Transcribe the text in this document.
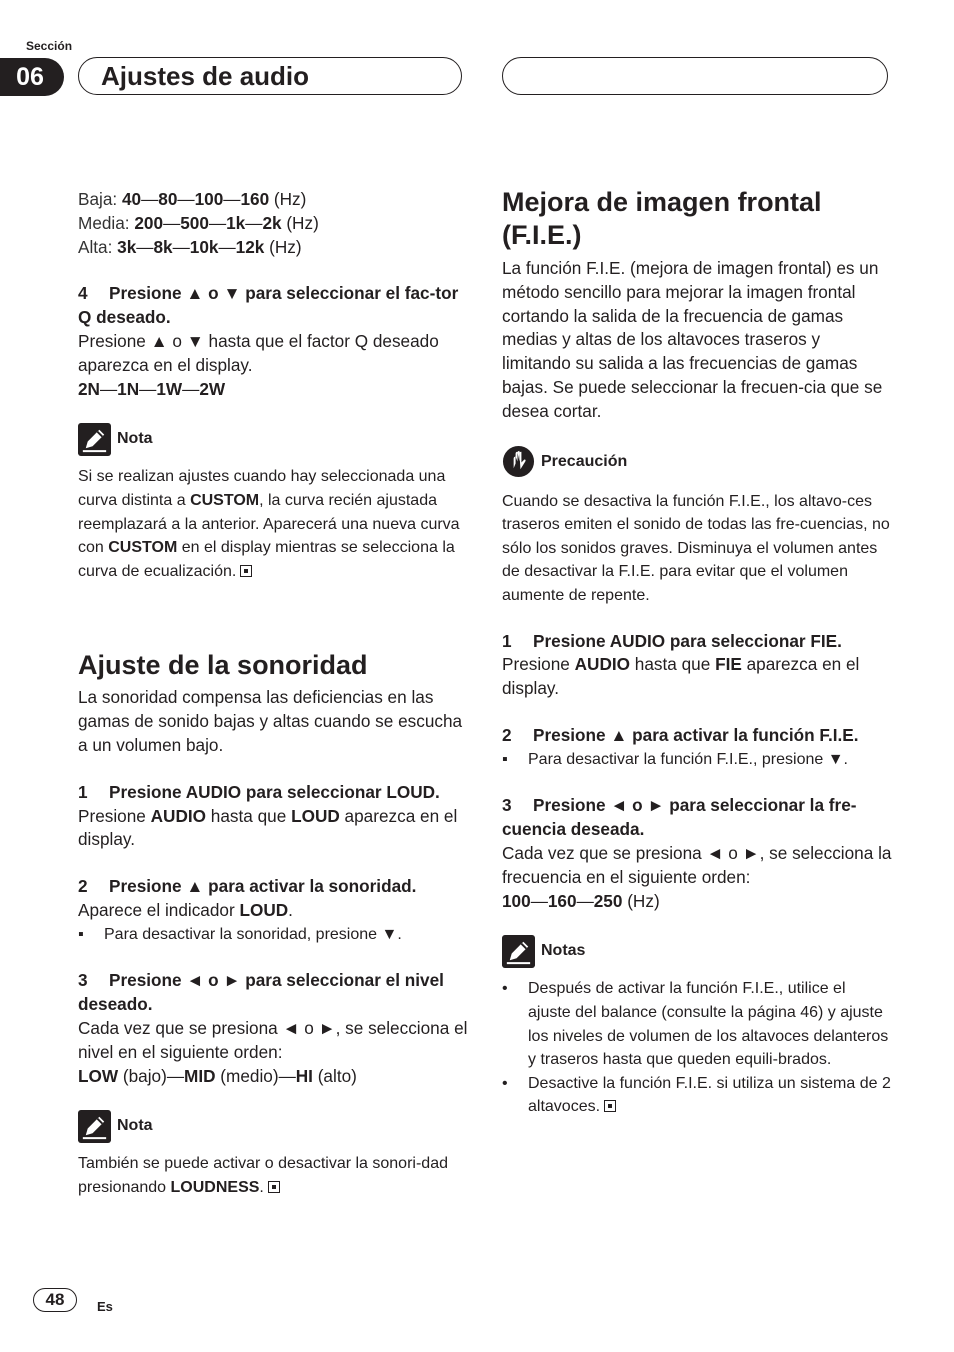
Sección
06	Ajustes de audio

Baja: 40—80—100—160 (Hz)

Media: 200—500—1k—2k (Hz)

Alta: 3k—8k—10k—12k (Hz)

4 Presione ▲ o ▼ para seleccionar el fac-tor Q deseado.

Presione ▲ o ▼ hasta que el factor Q deseado aparezca en el display.

2N—1N—1W—2W

Nota

Si se realizan ajustes cuando hay seleccionada una curva distinta a CUSTOM, la curva recién ajustada reemplazará a la anterior. Aparecerá una nueva curva con CUSTOM en el display mientras se selecciona la curva de ecualización.

Ajuste de la sonoridad

La sonoridad compensa las deficiencias en las gamas de sonido bajas y altas cuando se escucha a un volumen bajo.

1 Presione AUDIO para seleccionar LOUD.

Presione AUDIO hasta que LOUD aparezca en el display.

2 Presione ▲ para activar la sonoridad.

Aparece el indicador LOUD.

▪	Para desactivar la sonoridad, presione ▼.

3 Presione ◄ o ► para seleccionar el nivel deseado.

Cada vez que se presiona ◄ o ►, se selecciona el nivel en el siguiente orden:

LOW (bajo)—MID (medio)—HI (alto)

Nota

También se puede activar o desactivar la sonori-dad presionando LOUDNESS.

Mejora de imagen frontal (F.I.E.)

La función F.I.E. (mejora de imagen frontal) es un método sencillo para mejorar la imagen frontal cortando la salida de la frecuencia de gamas medias y altas de los altavoces traseros y limitando su salida a las frecuencias de gamas bajas. Se puede seleccionar la frecuen-cia que se desea cortar.

Precaución

Cuando se desactiva la función F.I.E., los altavo-ces traseros emiten el sonido de todas las fre-cuencias, no sólo los sonidos graves. Disminuya el volumen antes de desactivar la F.I.E. para evitar que el volumen aumente de repente.

1 Presione AUDIO para seleccionar FIE.

Presione AUDIO hasta que FIE aparezca en el display.

2 Presione ▲ para activar la función F.I.E.

▪	Para desactivar la función F.I.E., presione ▼.

3 Presione ◄ o ► para seleccionar la fre-cuencia deseada.

Cada vez que se presiona ◄ o ►, se selecciona la frecuencia en el siguiente orden:

100—160—250 (Hz)

Notas
•	Después de activar la función F.I.E., utilice el ajuste del balance (consulte la página 46) y ajuste los niveles de volumen de los altavoces delanteros y traseros hasta que queden equili-brados.
•	Desactive la función F.I.E. si utiliza un sistema de 2 altavoces.
48	Es
